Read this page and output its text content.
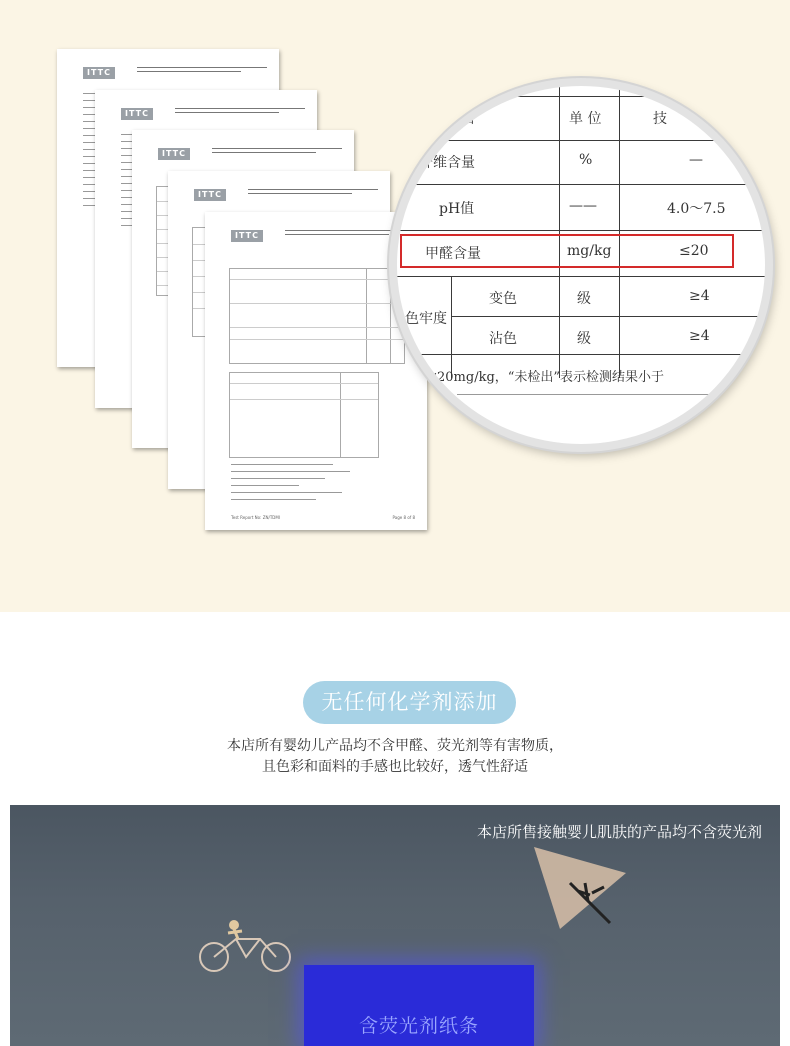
ITTC
ITTC
ITTC
ITTC
ITTC
Test Report No: ZN/TDMI	Page 8 of 8
项 目	单 位	技
纤维含量	%	—
pH值	——	4.0～7.5
甲醛含量	mg/kg	≤20
色牢度
变色	级	≥4
沾色	级	≥4
限为20mg/kg，“未检出”表示检测结果小于
无任何化学剂添加
本店所有婴幼儿产品均不含甲醛、荧光剂等有害物质，
且色彩和面料的手感也比较好，透气性舒适
本店所售接触婴儿肌肤的产品均不含荧光剂
含荧光剂纸条
